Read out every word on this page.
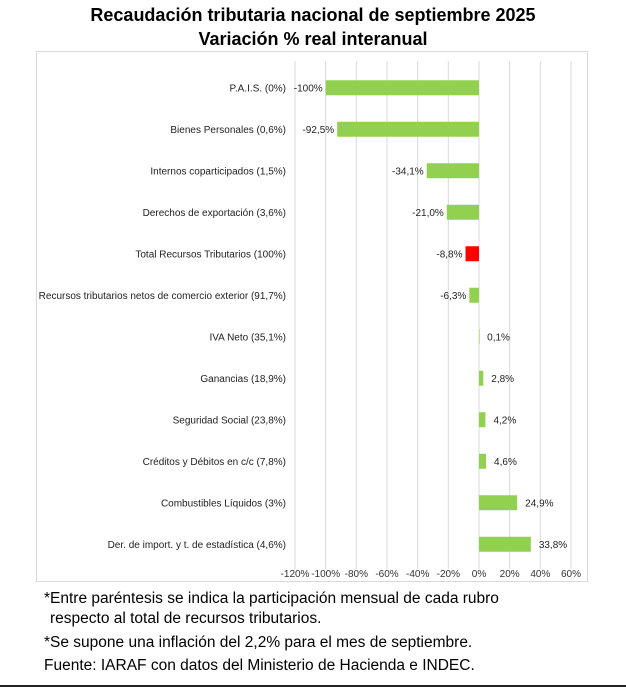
Recaudación tributaria nacional de septiembre 2025
Variación % real interanual
-120% -100% -80% -60% -40% -20% 0% 20% 40% 60%
P.A.I.S. (0%) -100%
Bienes Personales (0,6%) -92,5%
Internos coparticipados (1,5%)	-34,1%
Derechos de exportación (3,6%)	-21,0%
Total Recursos Tributarios (100%)	-8,8%
Recursos tributarios netos de comercio exterior (91,7%)	-6,3%
IVA Neto (35,1%)	0,1%
Ganancias (18,9%)	2,8%
Seguridad Social (23,8%)	4,2%
Créditos y Débitos en c/c (7,8%)	4,6%
Combustibles Líquidos (3%)	24,9%
Der. de import. y t. de estadística (4,6%)	33,8%
*Entre paréntesis se indica la participación mensual de cada rubro
respecto al total de recursos tributarios.
*Se supone una inflación del 2,2% para el mes de septiembre.
Fuente: IARAF con datos del Ministerio de Hacienda e INDEC.
